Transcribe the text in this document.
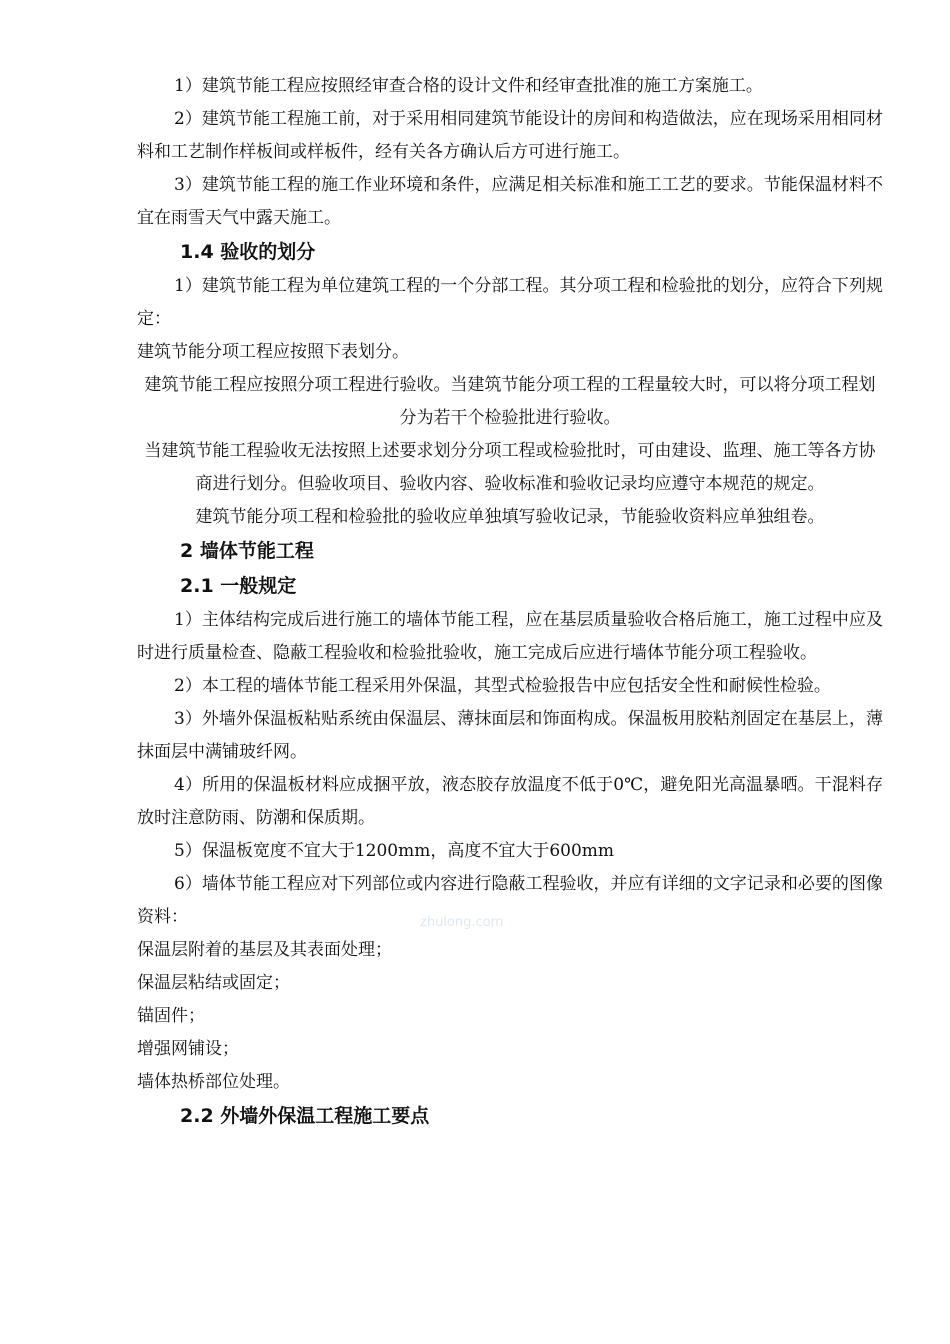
1）建筑节能工程应按照经审查合格的设计文件和经审查批准的施工方案施工。

2）建筑节能工程施工前，对于采用相同建筑节能设计的房间和构造做法，应在现场采用相同材料和工艺制作样板间或样板件，经有关各方确认后方可进行施工。

3）建筑节能工程的施工作业环境和条件，应满足相关标准和施工工艺的要求。节能保温材料不宜在雨雪天气中露天施工。

1.4 验收的划分

1）建筑节能工程为单位建筑工程的一个分部工程。其分项工程和检验批的划分，应符合下列规定：

建筑节能分项工程应按照下表划分。

建筑节能工程应按照分项工程进行验收。当建筑节能分项工程的工程量较大时，可以将分项工程划分为若干个检验批进行验收。

当建筑节能工程验收无法按照上述要求划分分项工程或检验批时，可由建设、监理、施工等各方协商进行划分。但验收项目、验收内容、验收标准和验收记录均应遵守本规范的规定。

建筑节能分项工程和检验批的验收应单独填写验收记录，节能验收资料应单独组卷。

2 墙体节能工程

2.1 一般规定

1）主体结构完成后进行施工的墙体节能工程，应在基层质量验收合格后施工，施工过程中应及时进行质量检查、隐蔽工程验收和检验批验收，施工完成后应进行墙体节能分项工程验收。

2）本工程的墙体节能工程采用外保温，其型式检验报告中应包括安全性和耐候性检验。

3）外墙外保温板粘贴系统由保温层、薄抹面层和饰面构成。保温板用胶粘剂固定在基层上，薄抹面层中满铺玻纤网。

4）所用的保温板材料应成捆平放，液态胶存放温度不低于0℃，避免阳光高温暴晒。干混料存放时注意防雨、防潮和保质期。

5）保温板宽度不宜大于1200mm，高度不宜大于600mm

6）墙体节能工程应对下列部位或内容进行隐蔽工程验收，并应有详细的文字记录和必要的图像资料：

保温层附着的基层及其表面处理；

保温层粘结或固定；

锚固件；

增强网铺设；

墙体热桥部位处理。

2.2 外墙外保温工程施工要点

zhulong.com
